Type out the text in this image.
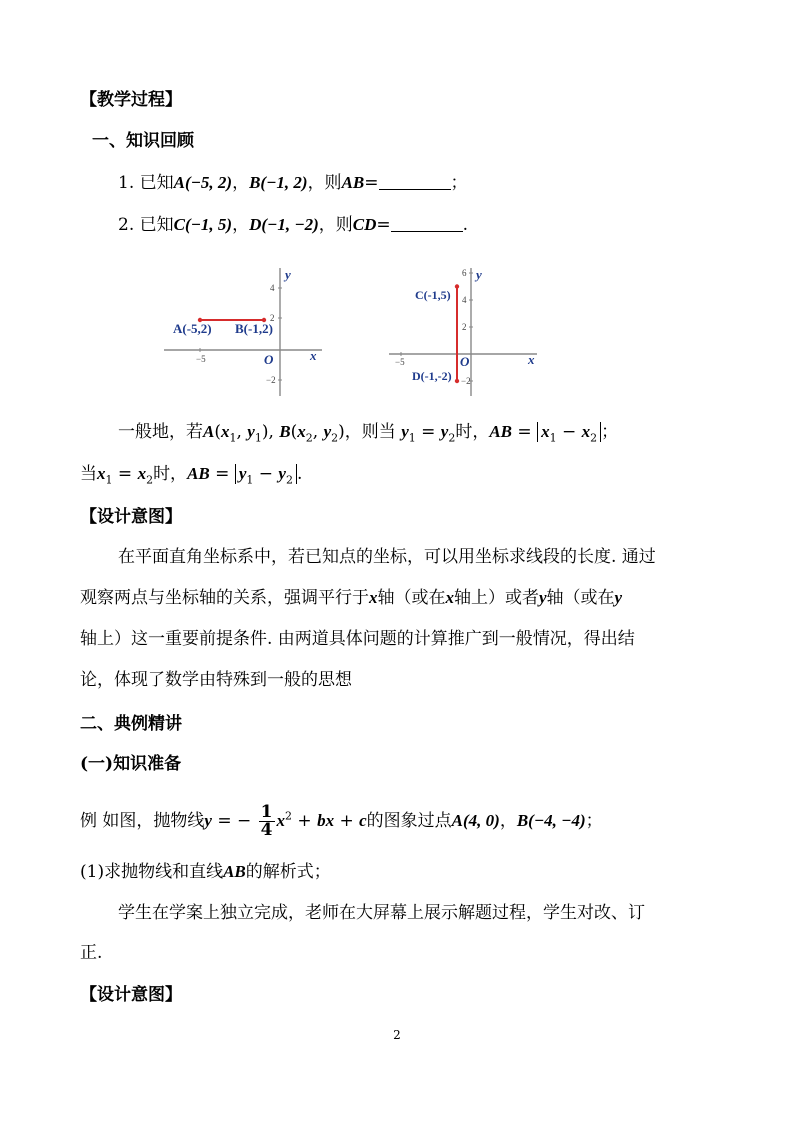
【教学过程】
一、知识回顾
1. 已知A(−5, 2)，B(−1, 2)，则AB=	；
2. 已知C(−1, 5)，D(−1, −2)，则CD=	.
−5
4
2
−2
y
x
O
A(-5,2) B(-1,2)
−5
6
4
2
−2
y
x
O
C(-1,5)
D(-1,-2)
一般地，若$A(x_1$, $y_1$), $B(x_2$, $y_2$)，则当 $y_1 = y_2$时，AB = $x_1 - x_2$ ；
当$x_1 = x_2$时，AB = $y_1 - y_2$ .
【设计意图】
在平面直角坐标系中，若已知点的坐标，可以用坐标求线段的长度. 通过
观察两点与坐标轴的关系，强调平行于x轴（或在x轴上）或者y轴（或在y
轴上）这一重要前提条件. 由两道具体问题的计算推广到一般情况，得出结
论，体现了数学由特殊到一般的思想
二、典例精讲
(一)知识准备
例 如图，抛物线y = − $\frac{1}{4} x^2$ + bx + c的图象过点A(4, 0)，B(−4, −4)；
(1)求抛物线和直线AB的解析式；
学生在学案上独立完成，老师在大屏幕上展示解题过程，学生对改、订
正.
【设计意图】
2
